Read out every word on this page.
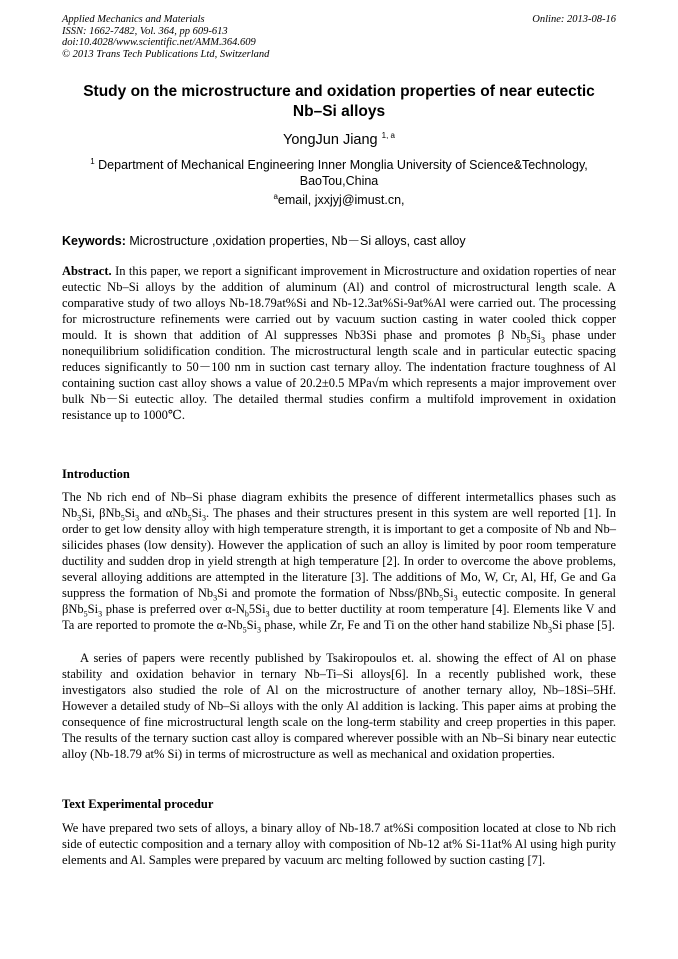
Applied Mechanics and Materials
ISSN: 1662-7482, Vol. 364, pp 609-613
doi:10.4028/www.scientific.net/AMM.364.609
© 2013 Trans Tech Publications Ltd, Switzerland
Online: 2013-08-16
Study on the microstructure and oxidation properties of near eutectic
Nb–Si alloys
YongJun Jiang $^{1, a}$
$^1$ Department of Mechanical Engineering Inner Monglia University of Science&Technology,
BaoTou,China
$^a$email, jxxjyj@imust.cn,
Keywords: Microstructure ,oxidation properties, Nb－Si alloys, cast alloy
Abstract. In this paper, we report a significant improvement in Microstructure and oxidation roperties of near eutectic Nb–Si alloys by the addition of aluminum (Al) and control of microstructural length scale. A comparative study of two alloys Nb-18.79at%Si and Nb-12.3at%Si-9at%Al were carried out. The processing for microstructure refinements were carried out by vacuum suction casting in water cooled thick copper mould. It is shown that addition of Al suppresses Nb3Si phase and promotes β $Nb_5Si_3$ phase under nonequilibrium solidification condition. The microstructural length scale and in particular eutectic spacing reduces significantly to 50－100 nm in suction cast ternary alloy. The indentation fracture toughness of Al containing suction cast alloy shows a value of 20.2±0.5 MPa√m which represents a major improvement over bulk Nb－Si eutectic alloy. The detailed thermal studies confirm a multifold improvement in oxidation resistance up to 1000℃.
Introduction
The Nb rich end of Nb–Si phase diagram exhibits the presence of different intermetallics phases such as $Nb_3Si$, $\beta Nb_5Si_3$ and $\alpha Nb_5Si_3$. The phases and their structures present in this system are well reported [1]. In order to get low density alloy with high temperature strength, it is important to get a composite of Nb and Nb–silicides phases (low density). However the application of such an alloy is limited by poor room temperature ductility and sudden drop in yield strength at high temperature [2]. In order to overcome the above problems, several alloying additions are attempted in the literature [3]. The additions of Mo, W, Cr, Al, Hf, Ge and Ga suppress the formation of $Nb_3Si$ and promote the formation of Nbss/$\beta Nb_5Si_3$ eutectic composite. In general $\beta Nb_5Si_3$ phase is preferred over $\alpha-N_b5Si_3$ due to better ductility at room temperature [4]. Elements like V and Ta are reported to promote the $\alpha-Nb_5Si_3$ phase, while Zr, Fe and Ti on the other hand stabilize $Nb_3Si$ phase [5].
A series of papers were recently published by Tsakiropoulos et. al. showing the effect of Al on phase stability and oxidation behavior in ternary Nb–Ti–Si alloys[6]. In a recently published work, these investigators also studied the role of Al on the microstructure of another ternary alloy, Nb–18Si–5Hf. However a detailed study of Nb–Si alloys with the only Al addition is lacking. This paper aims at probing the consequence of fine microstructural length scale on the long-term stability and creep properties in this paper. The results of the ternary suction cast alloy is compared wherever possible with an Nb–Si binary near eutectic alloy (Nb-18.79 at% Si) in terms of microstructure as well as mechanical and oxidation properties.
Text Experimental procedur
We have prepared two sets of alloys, a binary alloy of Nb-18.7 at%Si composition located at close to Nb rich side of eutectic composition and a ternary alloy with composition of Nb-12 at% Si-11at% Al using high purity elements and Al. Samples were prepared by vacuum arc melting followed by suction casting [7].
